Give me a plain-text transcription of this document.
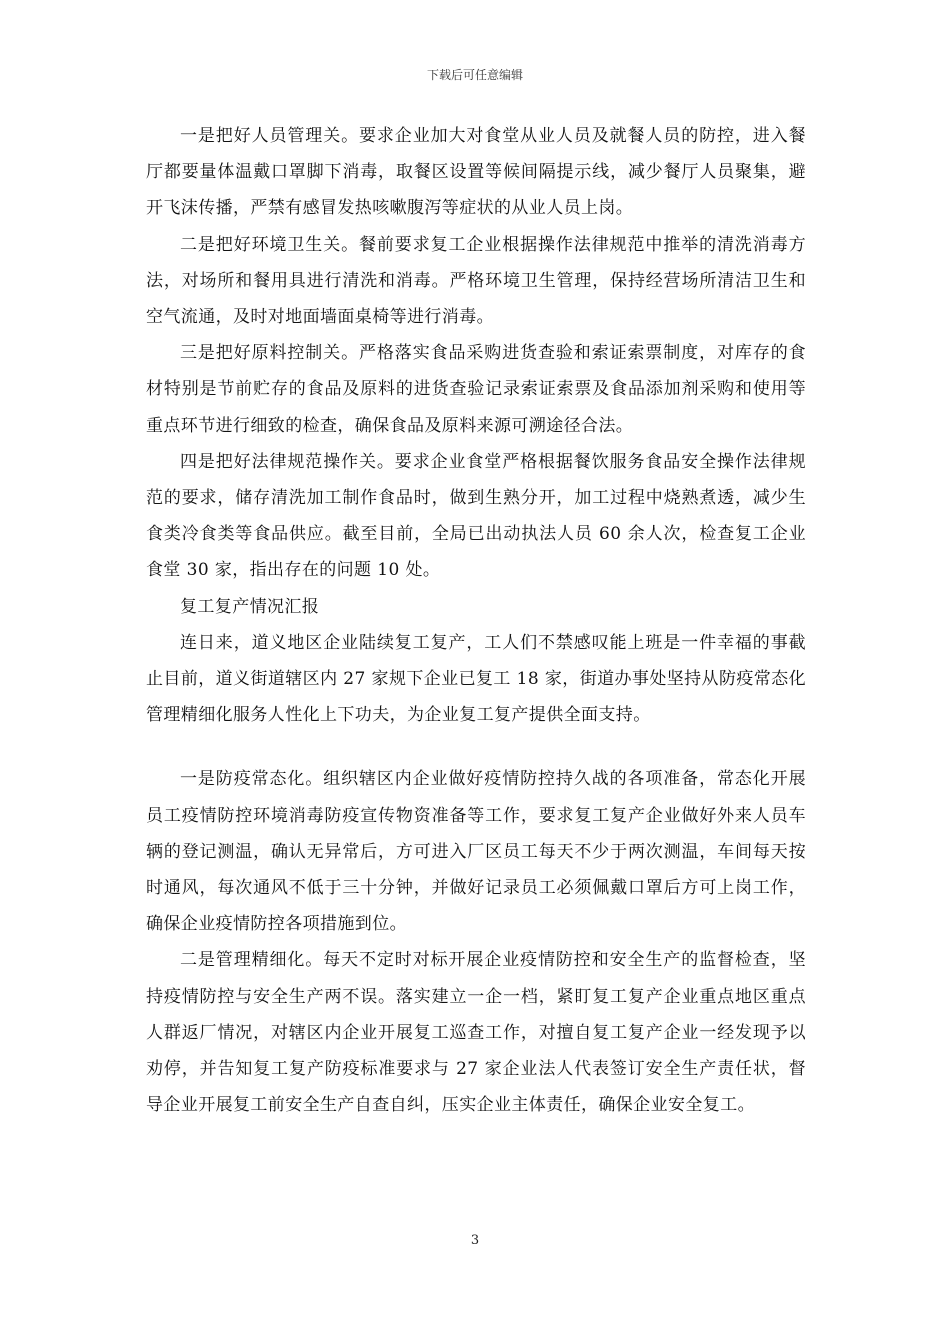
下载后可任意编辑

一是把好人员管理关。要求企业加大对食堂从业人员及就餐人员的防控，进入餐厅都要量体温戴口罩脚下消毒，取餐区设置等候间隔提示线，减少餐厅人员聚集，避开飞沫传播，严禁有感冒发热咳嗽腹泻等症状的从业人员上岗。

二是把好环境卫生关。餐前要求复工企业根据操作法律规范中推举的清洗消毒方法，对场所和餐用具进行清洗和消毒。严格环境卫生管理，保持经营场所清洁卫生和空气流通，及时对地面墙面桌椅等进行消毒。

三是把好原料控制关。严格落实食品采购进货查验和索证索票制度，对库存的食材特别是节前贮存的食品及原料的进货查验记录索证索票及食品添加剂采购和使用等重点环节进行细致的检查，确保食品及原料来源可溯途径合法。

四是把好法律规范操作关。要求企业食堂严格根据餐饮服务食品安全操作法律规范的要求，储存清洗加工制作食品时，做到生熟分开，加工过程中烧熟煮透，减少生食类冷食类等食品供应。截至目前，全局已出动执法人员 60 余人次，检查复工企业食堂 30 家，指出存在的问题 10 处。

复工复产情况汇报

连日来，道义地区企业陆续复工复产，工人们不禁感叹能上班是一件幸福的事截止目前，道义街道辖区内 27 家规下企业已复工 18 家，街道办事处坚持从防疫常态化管理精细化服务人性化上下功夫，为企业复工复产提供全面支持。

一是防疫常态化。组织辖区内企业做好疫情防控持久战的各项准备，常态化开展员工疫情防控环境消毒防疫宣传物资准备等工作，要求复工复产企业做好外来人员车辆的登记测温，确认无异常后，方可进入厂区员工每天不少于两次测温，车间每天按时通风，每次通风不低于三十分钟，并做好记录员工必须佩戴口罩后方可上岗工作，确保企业疫情防控各项措施到位。

二是管理精细化。每天不定时对标开展企业疫情防控和安全生产的监督检查，坚持疫情防控与安全生产两不误。落实建立一企一档，紧盯复工复产企业重点地区重点人群返厂情况，对辖区内企业开展复工巡查工作，对擅自复工复产企业一经发现予以劝停，并告知复工复产防疫标准要求与 27 家企业法人代表签订安全生产责任状，督导企业开展复工前安全生产自查自纠，压实企业主体责任，确保企业安全复工。

3
